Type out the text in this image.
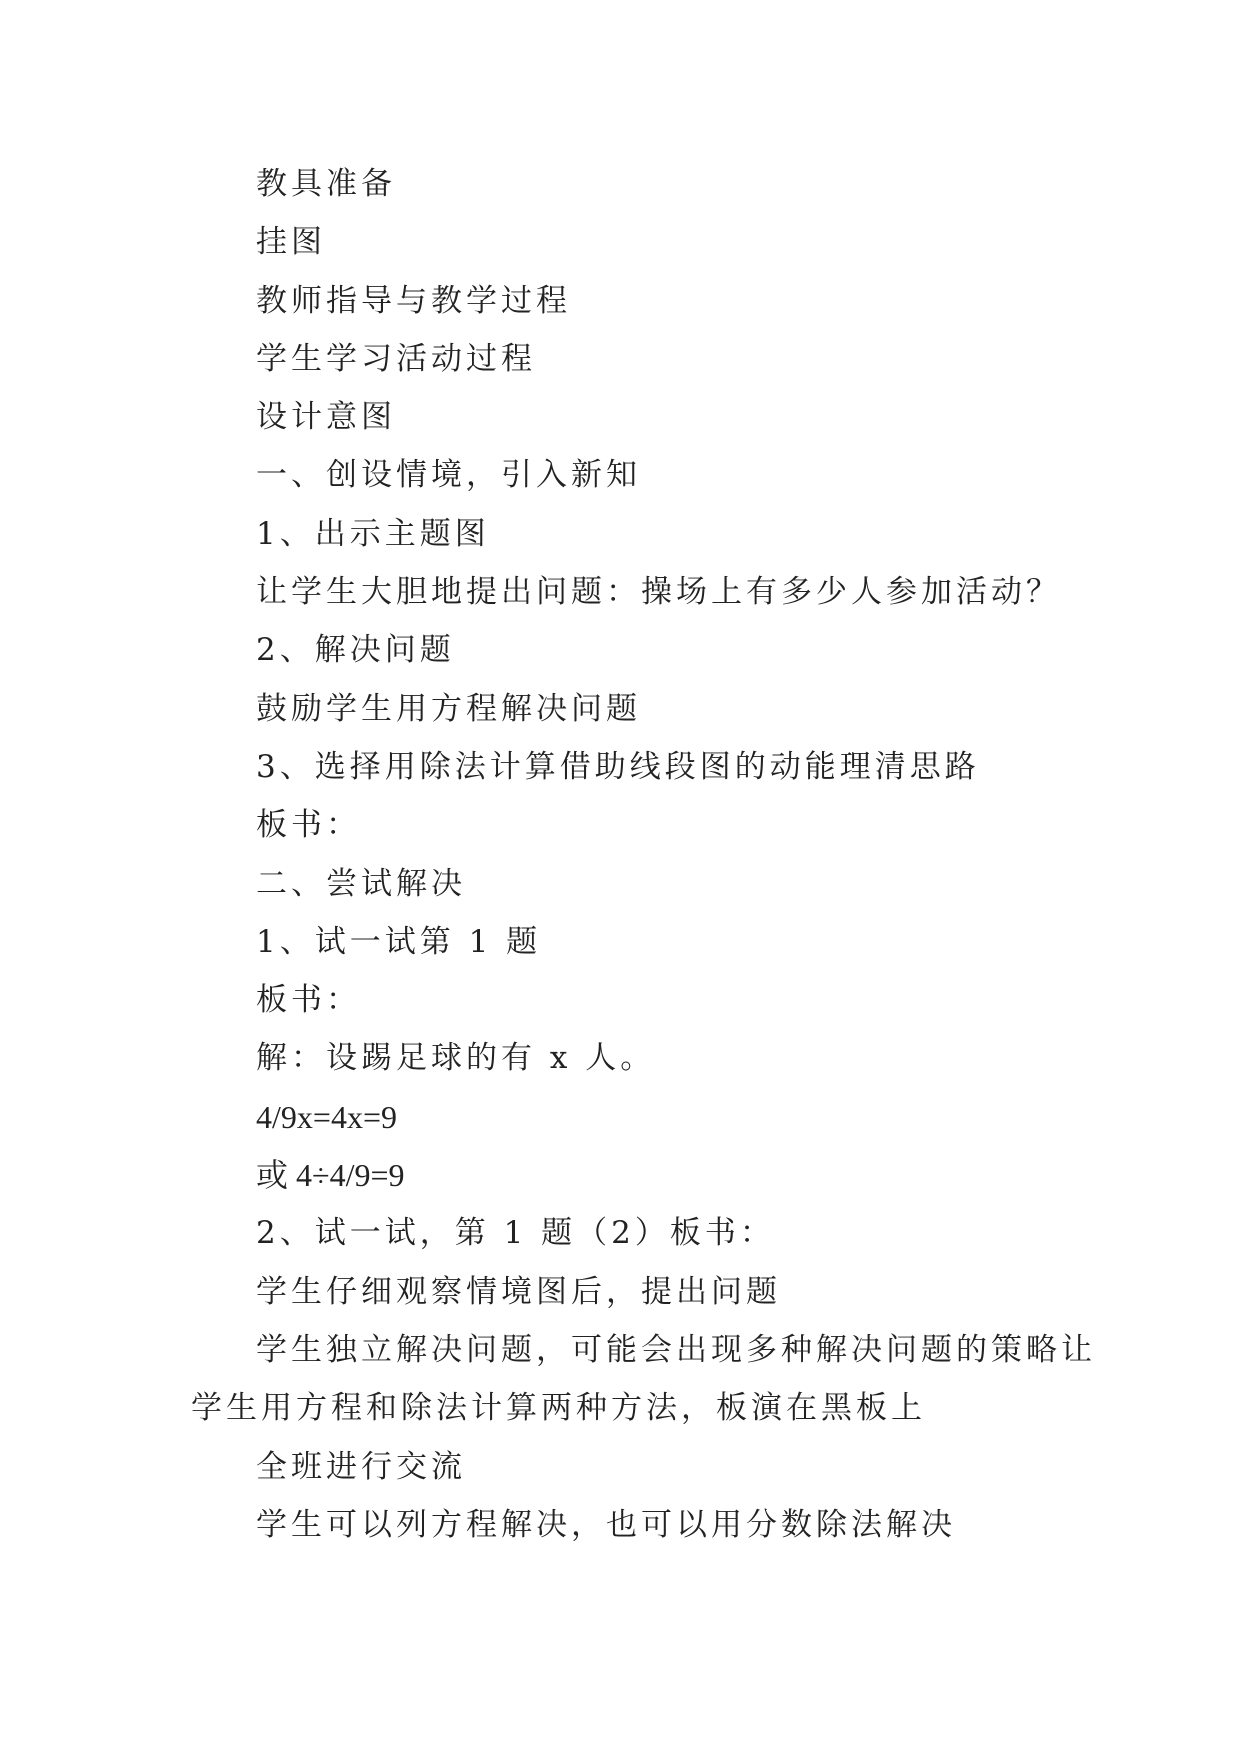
教具准备
挂图
教师指导与教学过程
学生学习活动过程
设计意图
一、创设情境，引入新知
1、出示主题图
让学生大胆地提出问题：操场上有多少人参加活动？
2、解决问题
鼓励学生用方程解决问题
3、选择用除法计算借助线段图的动能理清思路
板书：
二、尝试解决
1、试一试第 1 题
板书：
解：设踢足球的有 x 人。
4/9x=4x=9
或 4÷4/9=9
2、试一试，第 1 题（2）板书：
学生仔细观察情境图后，提出问题
学生独立解决问题，可能会出现多种解决问题的策略让
学生用方程和除法计算两种方法，板演在黑板上
全班进行交流
学生可以列方程解决，也可以用分数除法解决
